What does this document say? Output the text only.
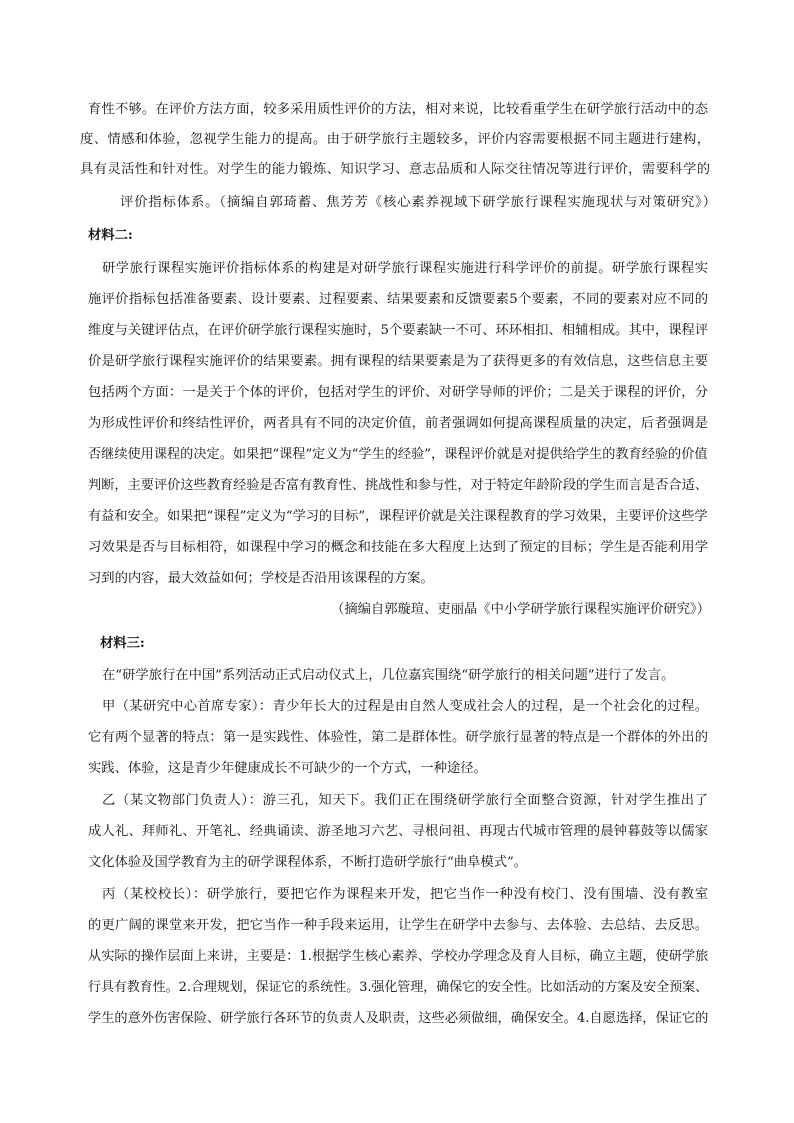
育性不够。在评价方法方面，较多采用质性评价的方法，相对来说，比较看重学生在研学旅行活动中的态
度、情感和体验，忽视学生能力的提高。由于研学旅行主题较多，评价内容需要根据不同主题进行建构，
具有灵活性和针对性。对学生的能力锻炼、知识学习、意志品质和人际交往情况等进行评价，需要科学的
评价指标体系。（摘编自郭琦蓄、焦芳芳《核心素养视域下研学旅行课程实施现状与对策研究》）
材料二:
研学旅行课程实施评价指标体系的构建是对研学旅行课程实施进行科学评价的前提。研学旅行课程实
施评价指标包括准备要素、设计要素、过程要素、结果要素和反馈要素5个要素，不同的要素对应不同的
维度与关键评估点，在评价研学旅行课程实施时，5个要素缺一不可、环环相扣、相辅相成。其中，课程评
价是研学旅行课程实施评价的结果要素。拥有课程的结果要素是为了获得更多的有效信息，这些信息主要
包括两个方面：一是关于个体的评价，包括对学生的评价、对研学导师的评价；二是关于课程的评价，分
为形成性评价和终结性评价，两者具有不同的决定价值，前者强调如何提高课程质量的决定，后者强调是
否继续使用课程的决定。如果把“课程”定义为“学生的经验”，课程评价就是对提供给学生的教育经验的价值
判断，主要评价这些教育经验是否富有教育性、挑战性和参与性，对于特定年龄阶段的学生而言是否合适、
有益和安全。如果把“课程”定义为“学习的目标”，课程评价就是关注课程教育的学习效果，主要评价这些学
习效果是否与目标相符，如课程中学习的概念和技能在多大程度上达到了预定的目标；学生是否能利用学
习到的内容，最大效益如何；学校是否沿用该课程的方案。
（摘编自郭璇瑄、吏丽晶《中小学研学旅行课程实施评价研究》）
材料三:
在“研学旅行在中国”系列活动正式启动仪式上，几位嘉宾围绕“研学旅行的相关问题”进行了发言。
甲（某研究中心首席专家）：青少年长大的过程是由自然人变成社会人的过程，是一个社会化的过程。
它有两个显著的特点：第一是实践性、体验性，第二是群体性。研学旅行显著的特点是一个群体的外出的
实践、体验，这是青少年健康成长不可缺少的一个方式，一种途径。
乙（某文物部门负责人）：游三孔，知天下。我们正在围绕研学旅行全面整合资源，针对学生推出了
成人礼、拜师礼、开笔礼、经典诵读、游圣地习六艺、寻根问祖、再现古代城市管理的晨钟暮鼓等以儒家
文化体验及国学教育为主的研学课程体系，不断打造研学旅行“曲阜模式”。
丙（某校校长）：研学旅行，要把它作为课程来开发，把它当作一种没有校门、没有围墙、没有教室
的更广阔的课堂来开发，把它当作一种手段来运用，让学生在研学中去参与、去体验、去总结、去反思。
从实际的操作层面上来讲，主要是：1.根据学生核心素养、学校办学理念及育人目标，确立主题，使研学旅
行具有教育性。2.合理规划，保证它的系统性。3.强化管理，确保它的安全性。比如活动的方案及安全预案、
学生的意外伤害保险、研学旅行各环节的负责人及职责，这些必须做细，确保安全。4.自愿选择，保证它的
